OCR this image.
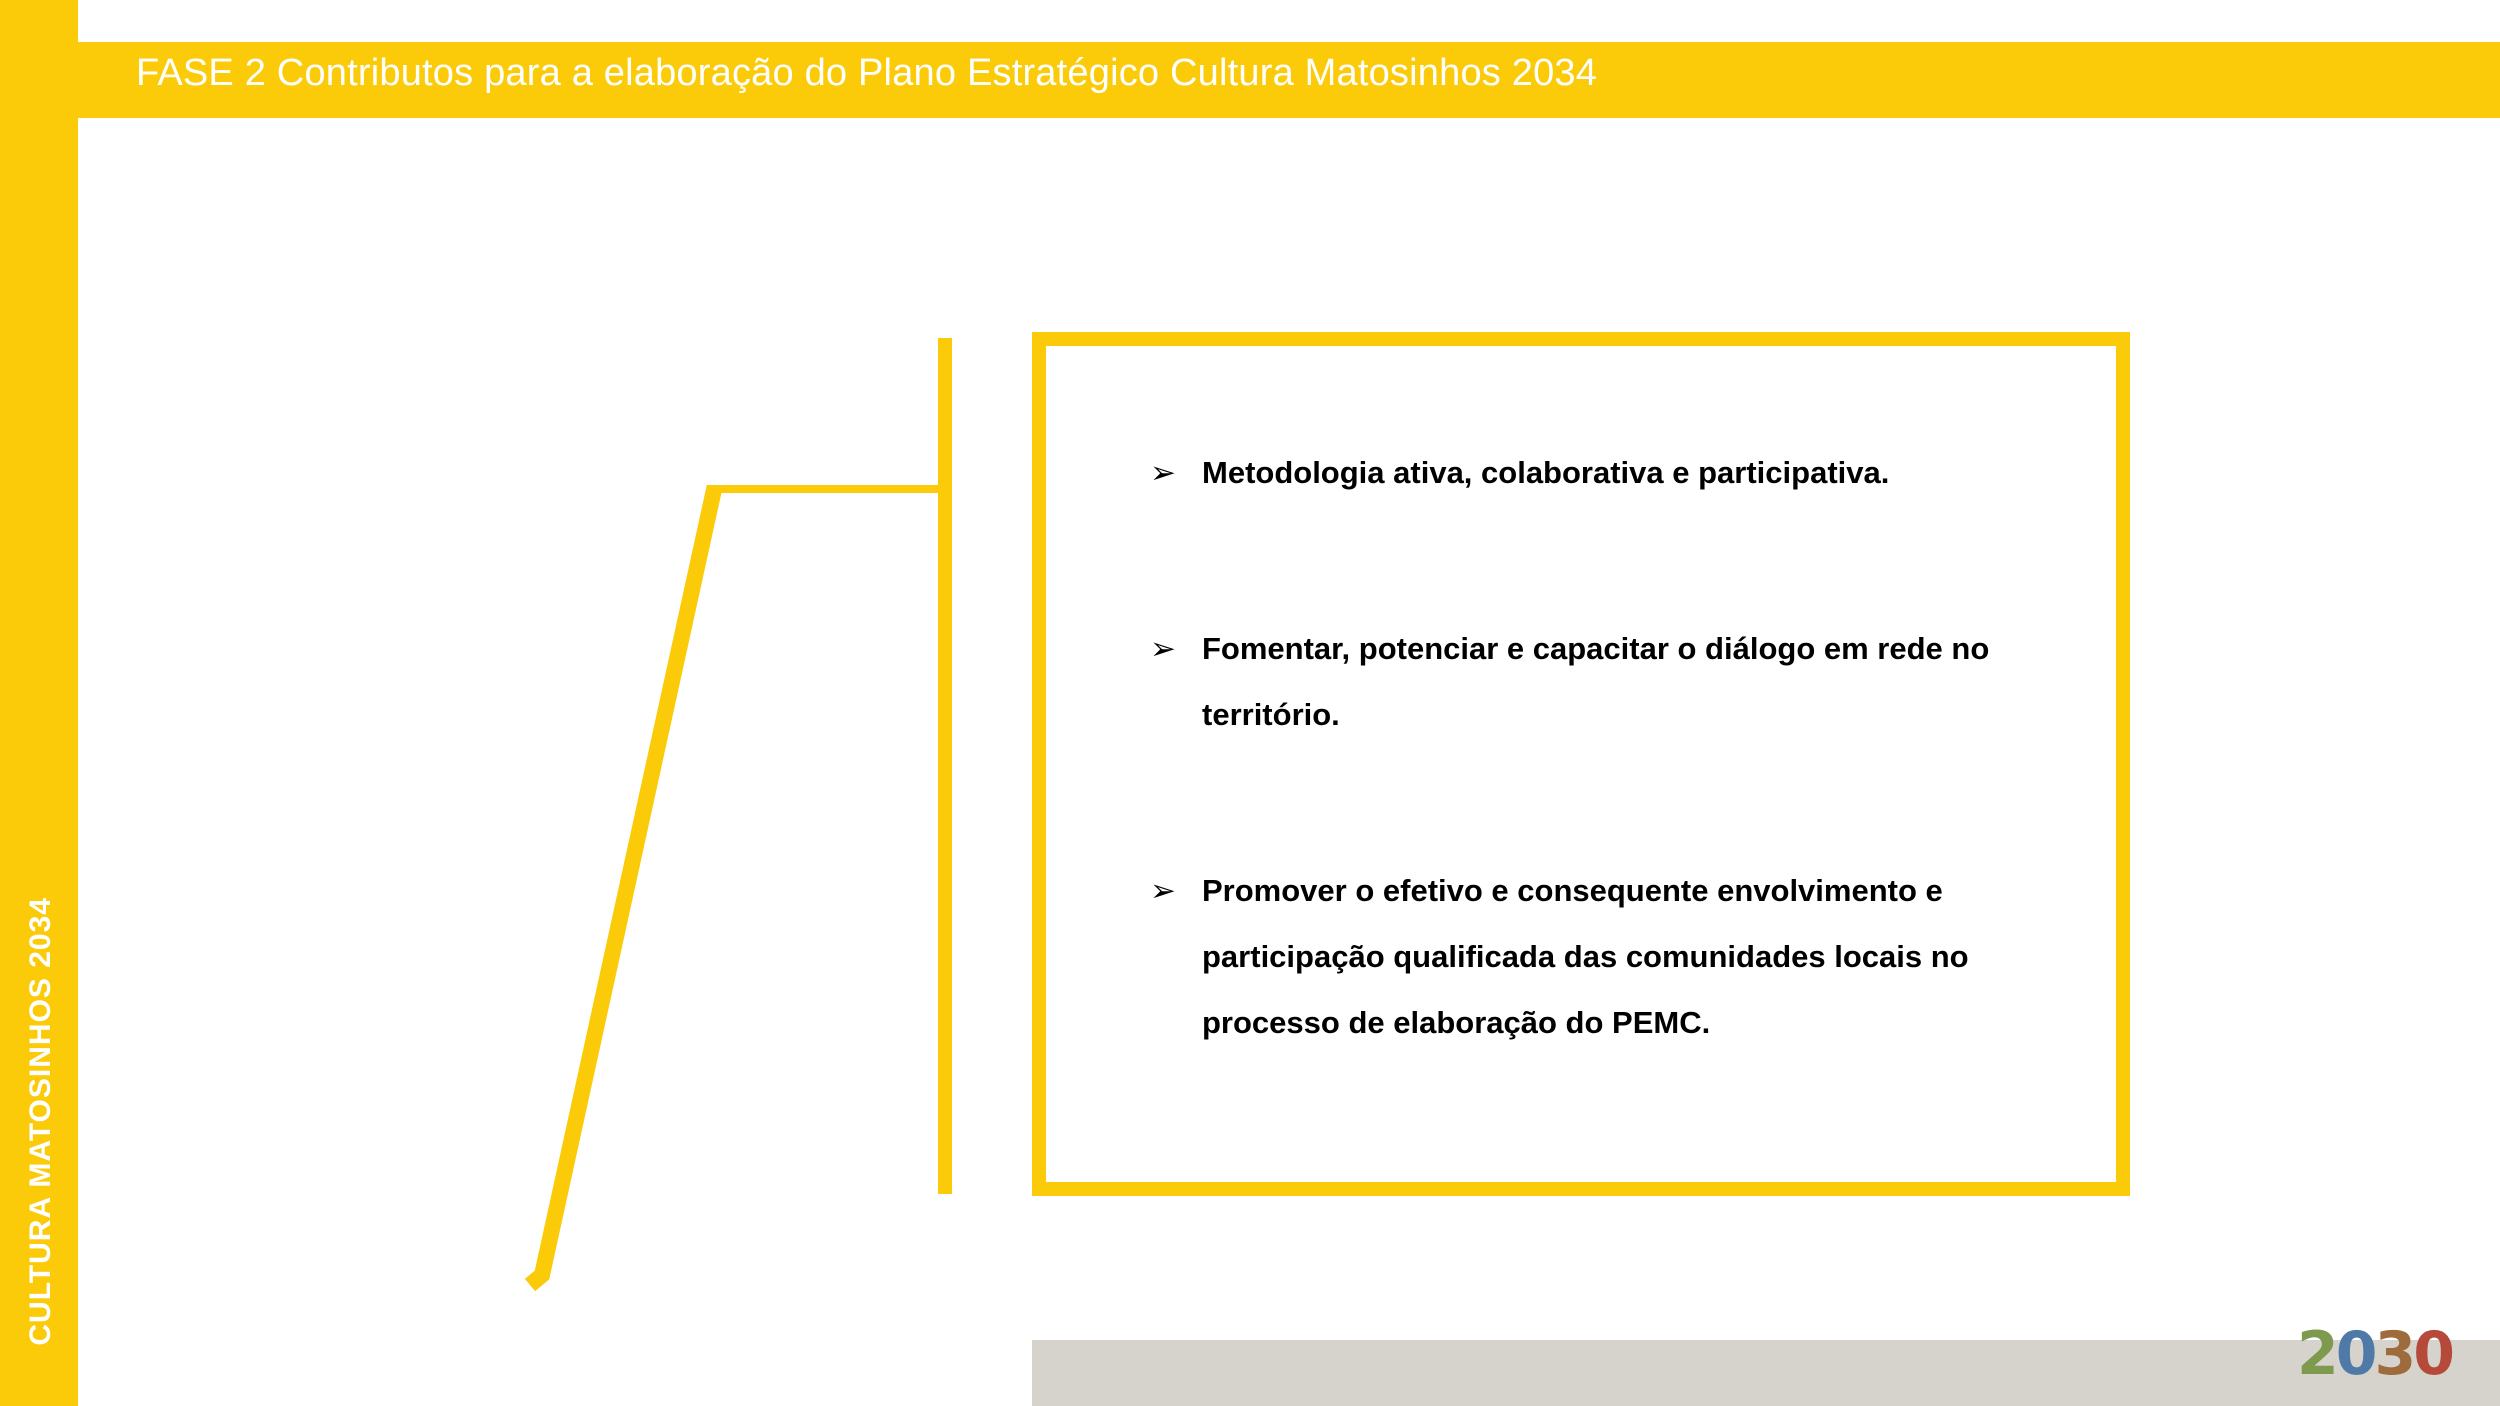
CULTURA MATOSINHOS 2034
FASE 2 Contributos para a elaboração do Plano Estratégico Cultura Matosinhos 2034
➢ Metodologia ativa, colaborativa e participativa.
➢ Fomentar, potenciar e capacitar o diálogo em rede no território.
➢ Promover o efetivo e consequente envolvimento e participação qualificada das comunidades locais no processo de elaboração do PEMC.
2 0 3 0
